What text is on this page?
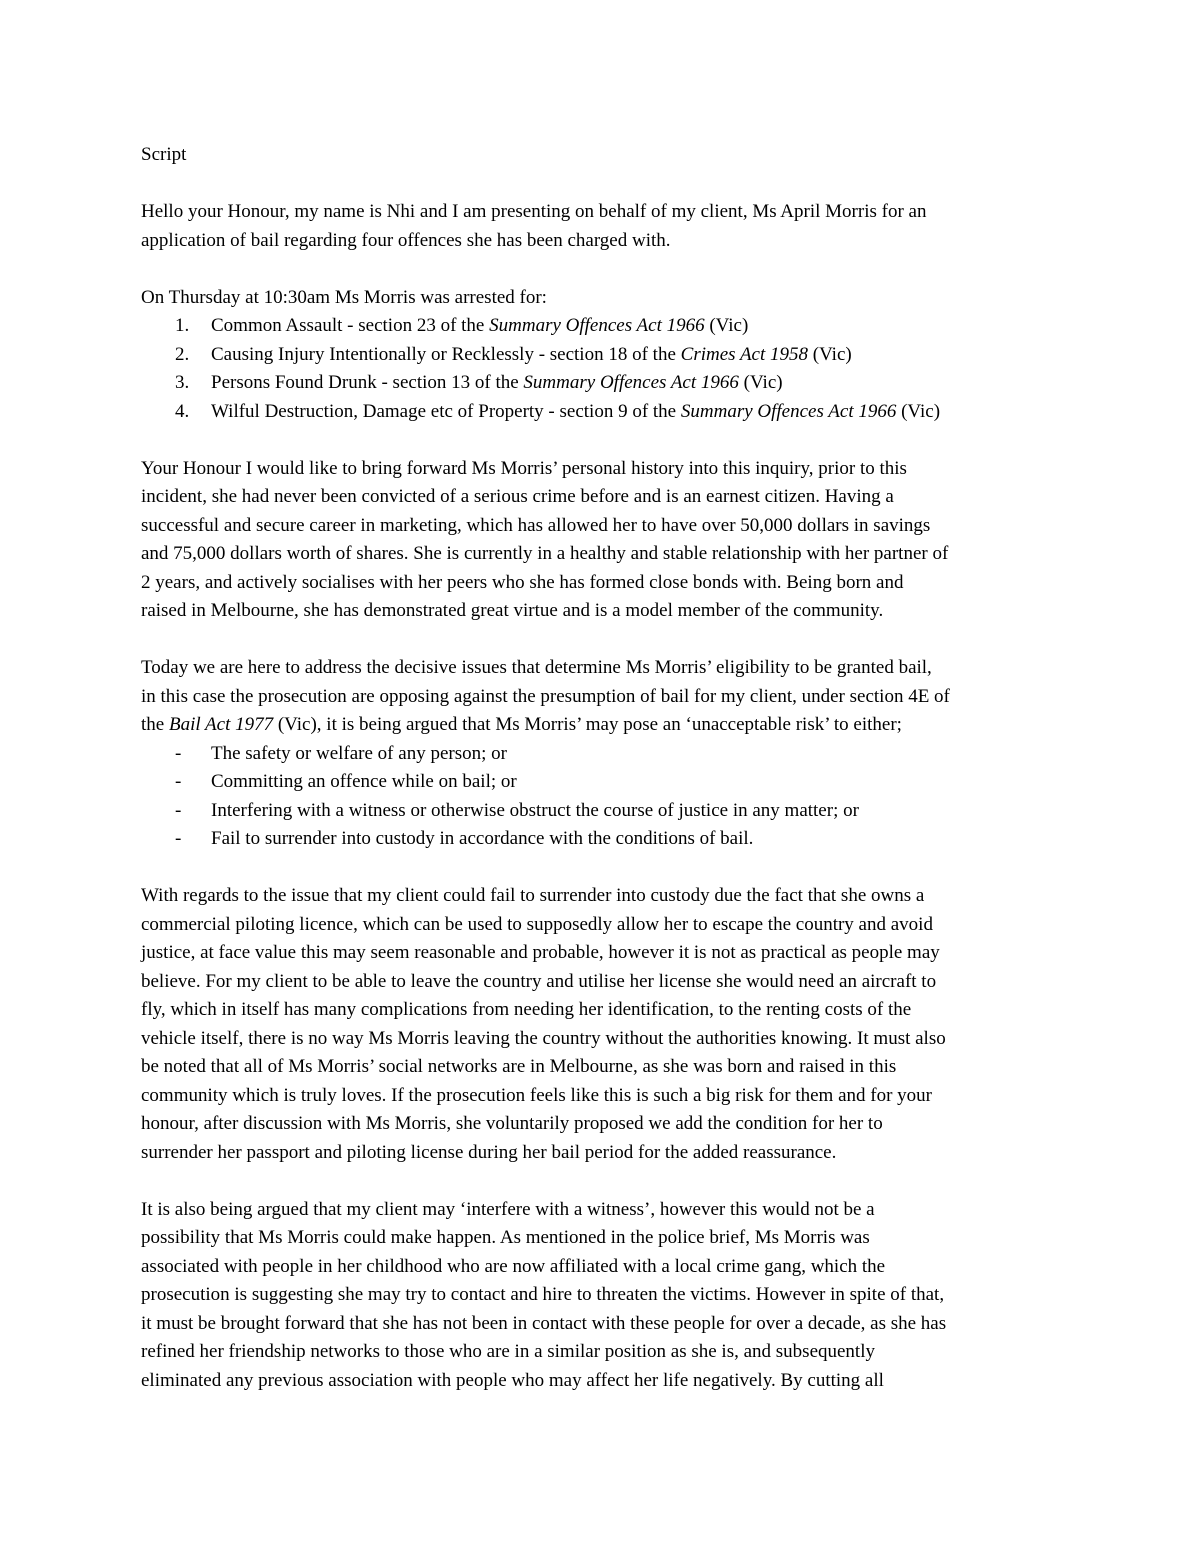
Script

Hello your Honour, my name is Nhi and I am presenting on behalf of my client, Ms April Morris for an

application of bail regarding four offences she has been charged with.

On Thursday at 10:30am Ms Morris was arrested for:

1. Common Assault - section 23 of the Summary Offences Act 1966 (Vic)
2. Causing Injury Intentionally or Recklessly - section 18 of the Crimes Act 1958 (Vic)
3. Persons Found Drunk - section 13 of the Summary Offences Act 1966 (Vic)
4. Wilful Destruction, Damage etc of Property - section 9 of the Summary Offences Act 1966 (Vic)

Your Honour I would like to bring forward Ms Morris’ personal history into this inquiry, prior to this

incident, she had never been convicted of a serious crime before and is an earnest citizen. Having a

successful and secure career in marketing, which has allowed her to have over 50,000 dollars in savings

and 75,000 dollars worth of shares. She is currently in a healthy and stable relationship with her partner of

2 years, and actively socialises with her peers who she has formed close bonds with. Being born and

raised in Melbourne, she has demonstrated great virtue and is a model member of the community.

Today we are here to address the decisive issues that determine Ms Morris’ eligibility to be granted bail,

in this case the prosecution are opposing against the presumption of bail for my client, under section 4E of

the Bail Act 1977 (Vic), it is being argued that Ms Morris’ may pose an ‘unacceptable risk’ to either;

- The safety or welfare of any person; or
- Committing an offence while on bail; or
- Interfering with a witness or otherwise obstruct the course of justice in any matter; or
- Fail to surrender into custody in accordance with the conditions of bail.

With regards to the issue that my client could fail to surrender into custody due the fact that she owns a

commercial piloting licence, which can be used to supposedly allow her to escape the country and avoid

justice, at face value this may seem reasonable and probable, however it is not as practical as people may

believe. For my client to be able to leave the country and utilise her license she would need an aircraft to

fly, which in itself has many complications from needing her identification, to the renting costs of the

vehicle itself, there is no way Ms Morris leaving the country without the authorities knowing. It must also

be noted that all of Ms Morris’ social networks are in Melbourne, as she was born and raised in this

community which is truly loves. If the prosecution feels like this is such a big risk for them and for your

honour, after discussion with Ms Morris, she voluntarily proposed we add the condition for her to

surrender her passport and piloting license during her bail period for the added reassurance.

It is also being argued that my client may ‘interfere with a witness’, however this would not be a

possibility that Ms Morris could make happen. As mentioned in the police brief, Ms Morris was

associated with people in her childhood who are now affiliated with a local crime gang, which the

prosecution is suggesting she may try to contact and hire to threaten the victims. However in spite of that,

it must be brought forward that she has not been in contact with these people for over a decade, as she has

refined her friendship networks to those who are in a similar position as she is, and subsequently

eliminated any previous association with people who may affect her life negatively. By cutting all
